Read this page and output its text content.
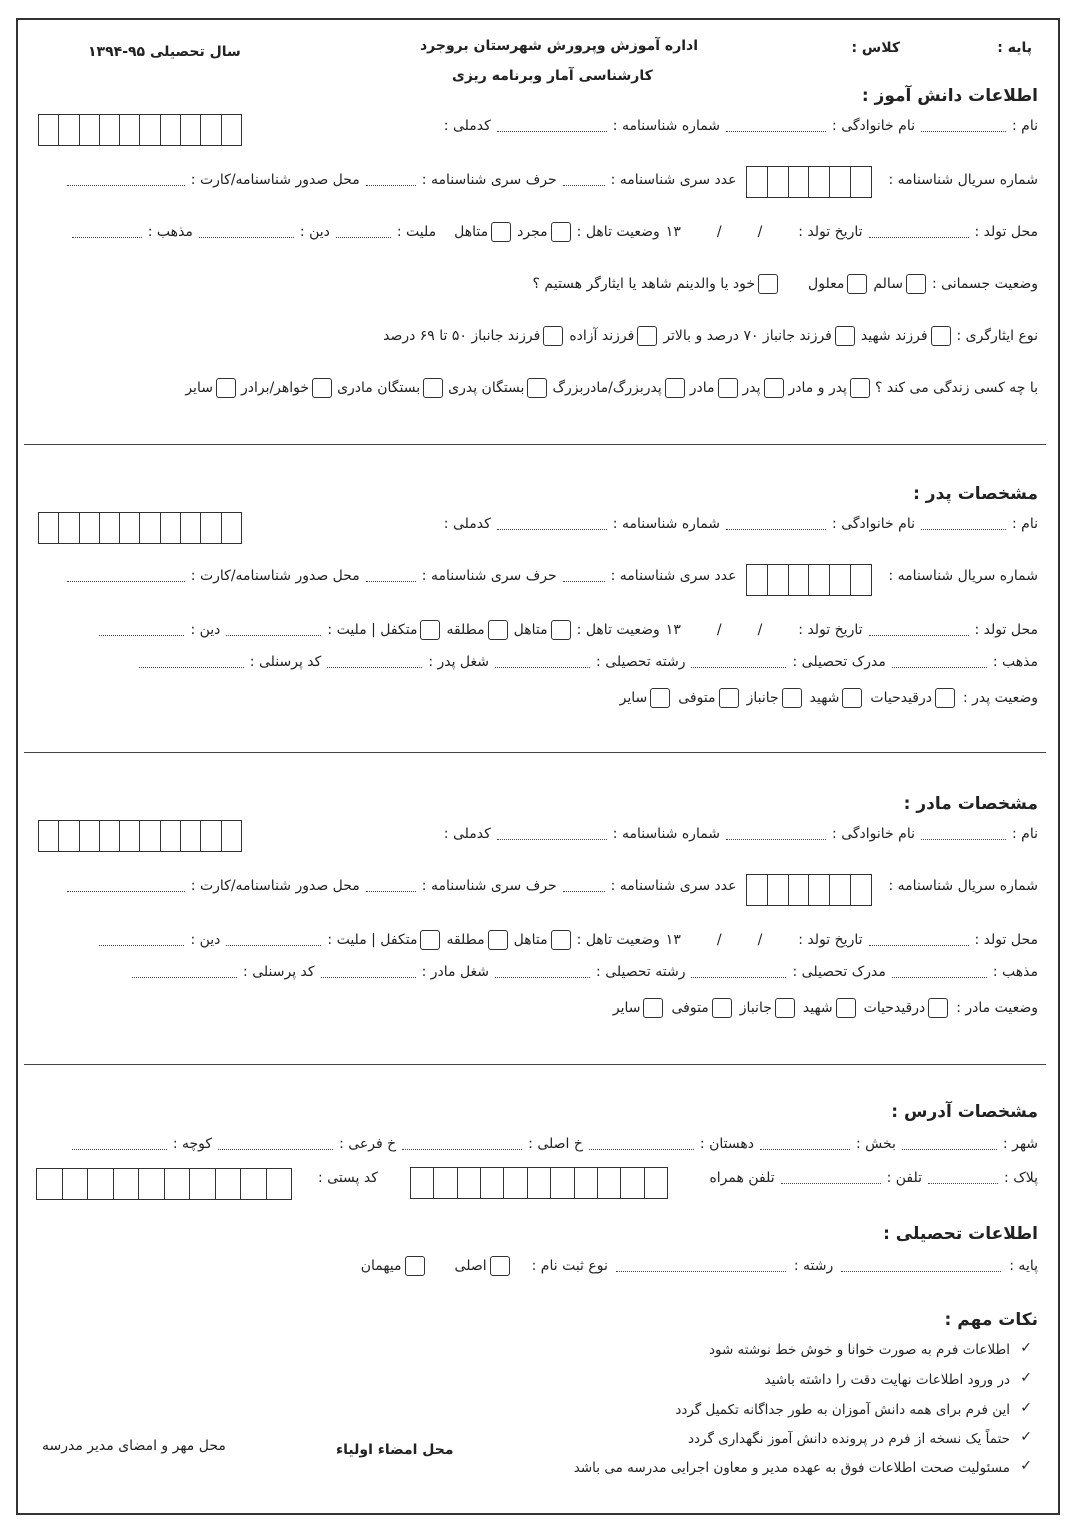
پایه :
کلاس :
اداره آموزش وپرورش شهرستان بروجرد
کارشناسی آمار وبرنامه ریزی
سال تحصیلی ۹۵-۱۳۹۴
اطلاعات دانش آموز :
نام :
نام خانوادگی :
شماره شناسنامه :
کدملی :
شماره سریال شناسنامه :
عدد سری شناسنامه :
حرف سری شناسنامه :
محل صدور شناسنامه/کارت :
محل تولد :
تاریخ تولد :
/
/
۱۳
وضعیت تاهل :
مجرد
متاهل
ملیت :
دین :
مذهب :
وضعیت جسمانی :
سالم
معلول
خود یا والدینم شاهد یا ایثارگر هستیم ؟
نوع ایثارگری :
فرزند شهید
فرزند جانباز ۷۰ درصد و بالاتر
فرزند آزاده
فرزند جانباز ۵۰ تا ۶۹ درصد
با چه کسی زندگی می کند ؟
پدر و مادر
پدر
مادر
پدربزرگ/مادربزرگ
بستگان پدری
بستگان مادری
خواهر/برادر
سایر
مشخصات پدر :
نام :
نام خانوادگی :
شماره شناسنامه :
کدملی :
شماره سریال شناسنامه :
عدد سری شناسنامه :
حرف سری شناسنامه :
محل صدور شناسنامه/کارت :
محل تولد :
تاریخ تولد :
/
/
۱۳
وضعیت تاهل :
متاهل
مطلقه
متکفل | ملیت :
دین :
مذهب :
مدرک تحصیلی :
رشته تحصیلی :
شغل پدر :
کد پرسنلی :
وضعیت پدر :
درقیدحیات
شهید
جانباز
متوفی
سایر
مشخصات مادر :
نام :
نام خانوادگی :
شماره شناسنامه :
کدملی :
شماره سریال شناسنامه :
عدد سری شناسنامه :
حرف سری شناسنامه :
محل صدور شناسنامه/کارت :
محل تولد :
تاریخ تولد :
/
/
۱۳
وضعیت تاهل :
متاهل
مطلقه
متکفل | ملیت :
دین :
مذهب :
مدرک تحصیلی :
رشته تحصیلی :
شغل مادر :
کد پرسنلی :
وضعیت مادر :
درقیدحیات
شهید
جانباز
متوفی
سایر
مشخصات آدرس :
شهر :
بخش :
دهستان :
خ اصلی :
خ فرعی :
کوچه :
پلاک :
تلفن :
تلفن همراه
کد پستی :
اطلاعات تحصیلی :
پایه :
رشته :
نوع ثبت نام :
اصلی
میهمان
نکات مهم :
✓
اطلاعات فرم به صورت خوانا و خوش خط نوشته شود
✓
در ورود اطلاعات نهایت دقت را داشته باشید
✓
این فرم برای همه دانش آموزان به طور جداگانه تکمیل گردد
✓
حتماً یک نسخه از فرم در پرونده دانش آموز نگهداری گردد
✓
مسئولیت صحت اطلاعات فوق به عهده مدیر و معاون اجرایی مدرسه می باشد
محل مهر و امضای مدیر مدرسه	محل امضاء اولیاء
